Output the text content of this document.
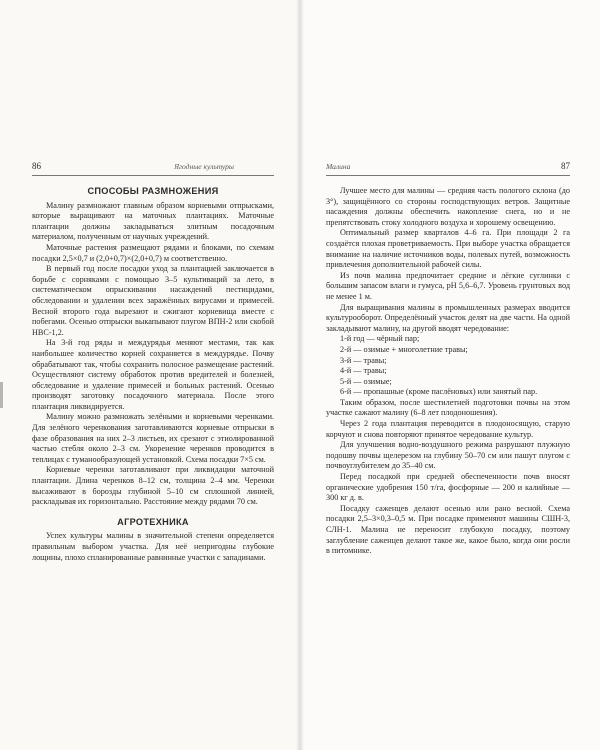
86	Ягодные культуры
СПОСОБЫ РАЗМНОЖЕНИЯ

Малину размножают главным образом корневыми отпрысками, которые выращивают на маточных плантациях. Маточные плантации должны закладываться элитным посадочным материалом, полученным от научных учреждений.

Маточные растения размещают рядами и блоками, по схемам посадки 2,5×0,7 и (2,0+0,7)×(2,0+0,7) м соответственно.

В первый год после посадки уход за плантацией заключается в борьбе с сорняками с помощью 3–5 культиваций за лето, в систематическом опрыскивании насаждений пестицидами, обследовании и удалении всех заражённых вирусами и примесей. Весной второго года вырезают и сжигают корневища вместе с побегами. Осенью отпрыски выкапывают плугом ВПН-2 или скобой НВС-1,2.

На 3-й год ряды и междурядья меняют местами, так как наибольшее количество корней сохраняется в междурядье. Почву обрабатывают так, чтобы сохранить полосное размещение растений. Осуществляют систему обработок против вредителей и болезней, обследование и удаление примесей и больных растений. Осенью производят заготовку посадочного материала. После этого плантация ликвидируется.

Малину можно размножать зелёными и корневыми черенками. Для зелёного черенкования заготавливаются корневые отпрыски в фазе образования на них 2–3 листьев, их срезают с этиолированной частью стебля около 2–3 см. Укоренение черенков проводится в теплицах с туманообразующей установкой. Схема посадки 7×5 см.

Корневые черенки заготавливают при ликвидации маточной плантации. Длина черенков 8–12 см, толщина 2–4 мм. Черенки высаживают в борозды глубиной 5–10 см сплошной линией, раскладывая их горизонтально. Расстояние между рядами 70 см.

АГРОТЕХНИКА

Успех культуры малины в значительной степени определяется правильным выбором участка. Для неё непригодны глубокие лощины, плохо спланированные равнинные участки с западинами.

Малина	87

Лучшее место для малины — средняя часть пологого склона (до 3°), защищённого со стороны господствующих ветров. Защитные насаждения должны обеспечить накопление снега, но и не препятствовать стоку холодного воздуха и хорошему освещению.

Оптимальный размер кварталов 4–6 га. При площади 2 га создаётся плохая проветриваемость. При выборе участка обращается внимание на наличие источников воды, полевых путей, возможность привлечения дополнительной рабочей силы.

Из почв малина предпочитает средние и лёгкие суглинки с большим запасом влаги и гумуса, pH 5,6–6,7. Уровень грунтовых вод не менее 1 м.

Для выращивания малины в промышленных размерах вводится культурооборот. Определённый участок делят на две части. На одной закладывают малину, на другой вводят чередование:

1-й год — чёрный пар;

2-й — озимые + многолетние травы;

3-й — травы;

4-й — травы;

5-й — озимые;

6-й — пропашные (кроме паслёновых) или занятый пар.

Таким образом, после шестилетней подготовки почвы на этом участке сажают малину (6–8 лет плодоношения).

Через 2 года плантация переводится в плодоносящую, старую корчуют и снова повторяют принятое чередование культур.

Для улучшения водно-воздушного режима разрушают плужную подошву почвы щелерезом на глубину 50–70 см или пашут плугом с почвоуглубителем до 35–40 см.

Перед посадкой при средней обеспеченности почв вносят органические удобрения 150 т/га, фосфорные — 200 и калийные — 300 кг д. в.

Посадку саженцев делают осенью или рано весной. Схема посадки 2,5–3×0,3–0,5 м. При посадке применяют машины СШН-3, СЛН-1. Малина не переносит глубокую посадку, поэтому заглубление саженцев делают такое же, какое было, когда они росли в питомнике.
